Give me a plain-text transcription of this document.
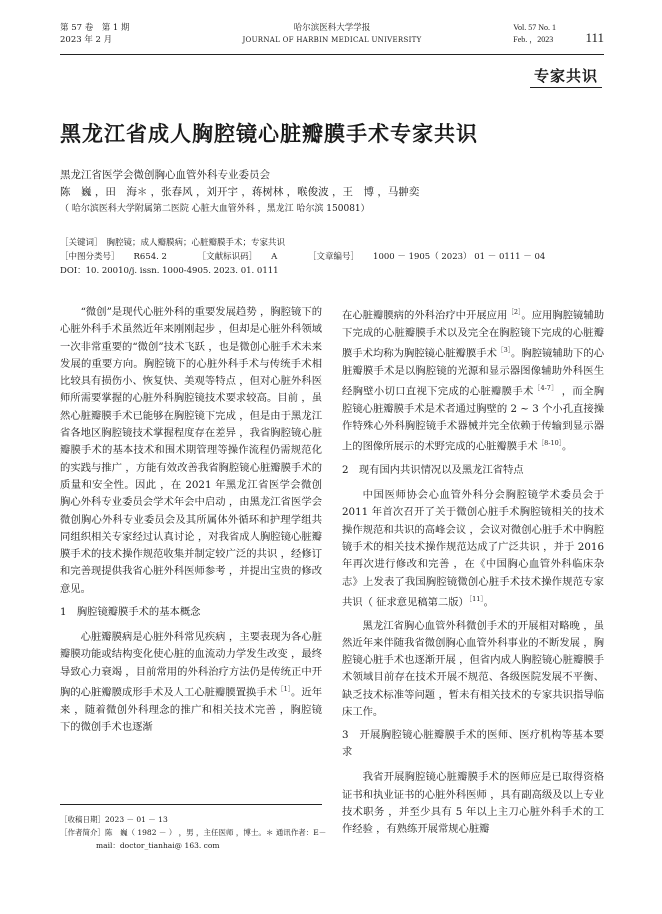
第 57 卷　第 1 期
2023 年 2 月
哈尔滨医科大学学报
JOURNAL OF HARBIN MEDICAL UNIVERSITY
Vol. 57 No. 1
Feb. ，2023 111
专家共识
黑龙江省成人胸腔镜心脏瓣膜手术专家共识
黑龙江省医学会微创胸心血管外科专业委员会
陈　巍 ，田　海＊ ，张春风 ，刘开宇 ，蒋树林 ，喉俊波 ，王　博 ，马翀奕
（ 哈尔滨医科大学附属第二医院 心脏大血管外科 ，黑龙江 哈尔滨 150081）
［关键词］ 胸腔镜；成人瓣膜病；心脏瓣膜手术；专家共识
［中图分类号］ R654. 2	［文献标识码］ A	［文章编号］ 1000 － 1905（ 2023） 01 － 0111 － 04
DOI：10. 20010/j. issn. 1000-4905. 2023. 01. 0111

“微创”是现代心脏外科的重要发展趋势 ，胸腔镜下的心脏外科手术虽然近年来刚刚起步 ，但却是心脏外科领域一次非常重要的“微创”技术飞跃 ，也是微创心脏手术未来发展的重要方向。胸腔镜下的心脏外科手术与传统手术相比较具有损伤小、恢复快、美观等特点 ，但对心脏外科医师所需要掌握的心脏外科胸腔镜技术要求较高。目前 ，虽然心脏瓣膜手术已能够在胸腔镜下完成 ，但是由于黑龙江省各地区胸腔镜技术掌握程度存在差异 ，我省胸腔镜心脏瓣膜手术的基本技术和围术期管理等操作流程仍需规范化的实践与推广 ，方能有效改善我省胸腔镜心脏瓣膜手术的质量和安全性。因此 ，在 2021 年黑龙江省医学会微创胸心外科专业委员会学术年会中启动 ，由黑龙江省医学会微创胸心外科专业委员会及其所属体外循环和护理学组共同组织相关专家经过认真讨论 ，对我省成人胸腔镜心脏瓣膜手术的技术操作规范收集并制定较广泛的共识 ，经修订和完善现提供我省心脏外科医师参考 ，并提出宝贵的修改意见。

1　胸腔镜瓣膜手术的基本概念

心脏瓣膜病是心脏外科常见疾病 ，主要表现为各心脏瓣膜功能或结构变化使心脏的血流动力学发生改变 ，最终导致心力衰竭 ，目前常用的外科治疗方法仍是传统正中开胸的心脏瓣膜成形手术及人工心脏瓣膜置换手术$^{[1]}$。近年来 ，随着微创外科理念的推广和相关技术完善 ，胸腔镜下的微创手术也逐渐

在心脏瓣膜病的外科治疗中开展应用$^{[2]}$。应用胸腔镜辅助下完成的心脏瓣膜手术以及完全在胸腔镜下完成的心脏瓣膜手术均称为胸腔镜心脏瓣膜手术$^{[3]}$。胸腔镜辅助下的心脏瓣膜手术是以胸腔镜的光源和显示器图像辅助外科医生经胸壁小切口直视下完成的心脏瓣膜手术$^{[4-7]}$ ，而全胸腔镜心脏瓣膜手术是术者通过胸壁的 2 ~ 3 个小孔直接操作特殊心外科胸腔镜手术器械并完全依赖于传输到显示器上的图像所展示的术野完成的心脏瓣膜手术$^{[8-10]}$。

2　现有国内共识情况以及黑龙江省特点

中国医师协会心血管外科分会胸腔镜学术委员会于 2011 年首次召开了关于微创心脏手术胸腔镜相关的技术操作规范和共识的高峰会议 ，会议对微创心脏手术中胸腔镜手术的相关技术操作规范达成了广泛共识 ，并于 2016 年再次进行修改和完善 ，在《中国胸心血管外科临床杂志》上发表了我国胸腔镜微创心脏手术技术操作规范专家共识（ 征求意见稿第二版）$^{[11]}$。

黑龙江省胸心血管外科微创手术的开展相对略晚 ，虽然近年来伴随我省微创胸心血管外科事业的不断发展 ，胸腔镜心脏手术也逐渐开展 ，但省内成人胸腔镜心脏瓣膜手术领域目前存在技术开展不规范、各级医院发展不平衡、缺乏技术标准等问题 ，暂未有相关技术的专家共识指导临床工作。

3　开展胸腔镜心脏瓣膜手术的医师、医疗机构等基本要求

我省开展胸腔镜心脏瓣膜手术的医师应是已取得资格证书和执业证书的心脏外科医师 ，具有副高级及以上专业技术职务 ，并至少具有 5 年以上主刀心脏外科手术的工作经验 ，有熟练开展常规心脏瓣

［收稿日期］2023 － 01 － 13
［作者简介］陈　巍（ 1982 － ） ，男 ，主任医师 ，博士。＊ 通讯作者：E－
mail：doctor_tianhai@ 163. com
